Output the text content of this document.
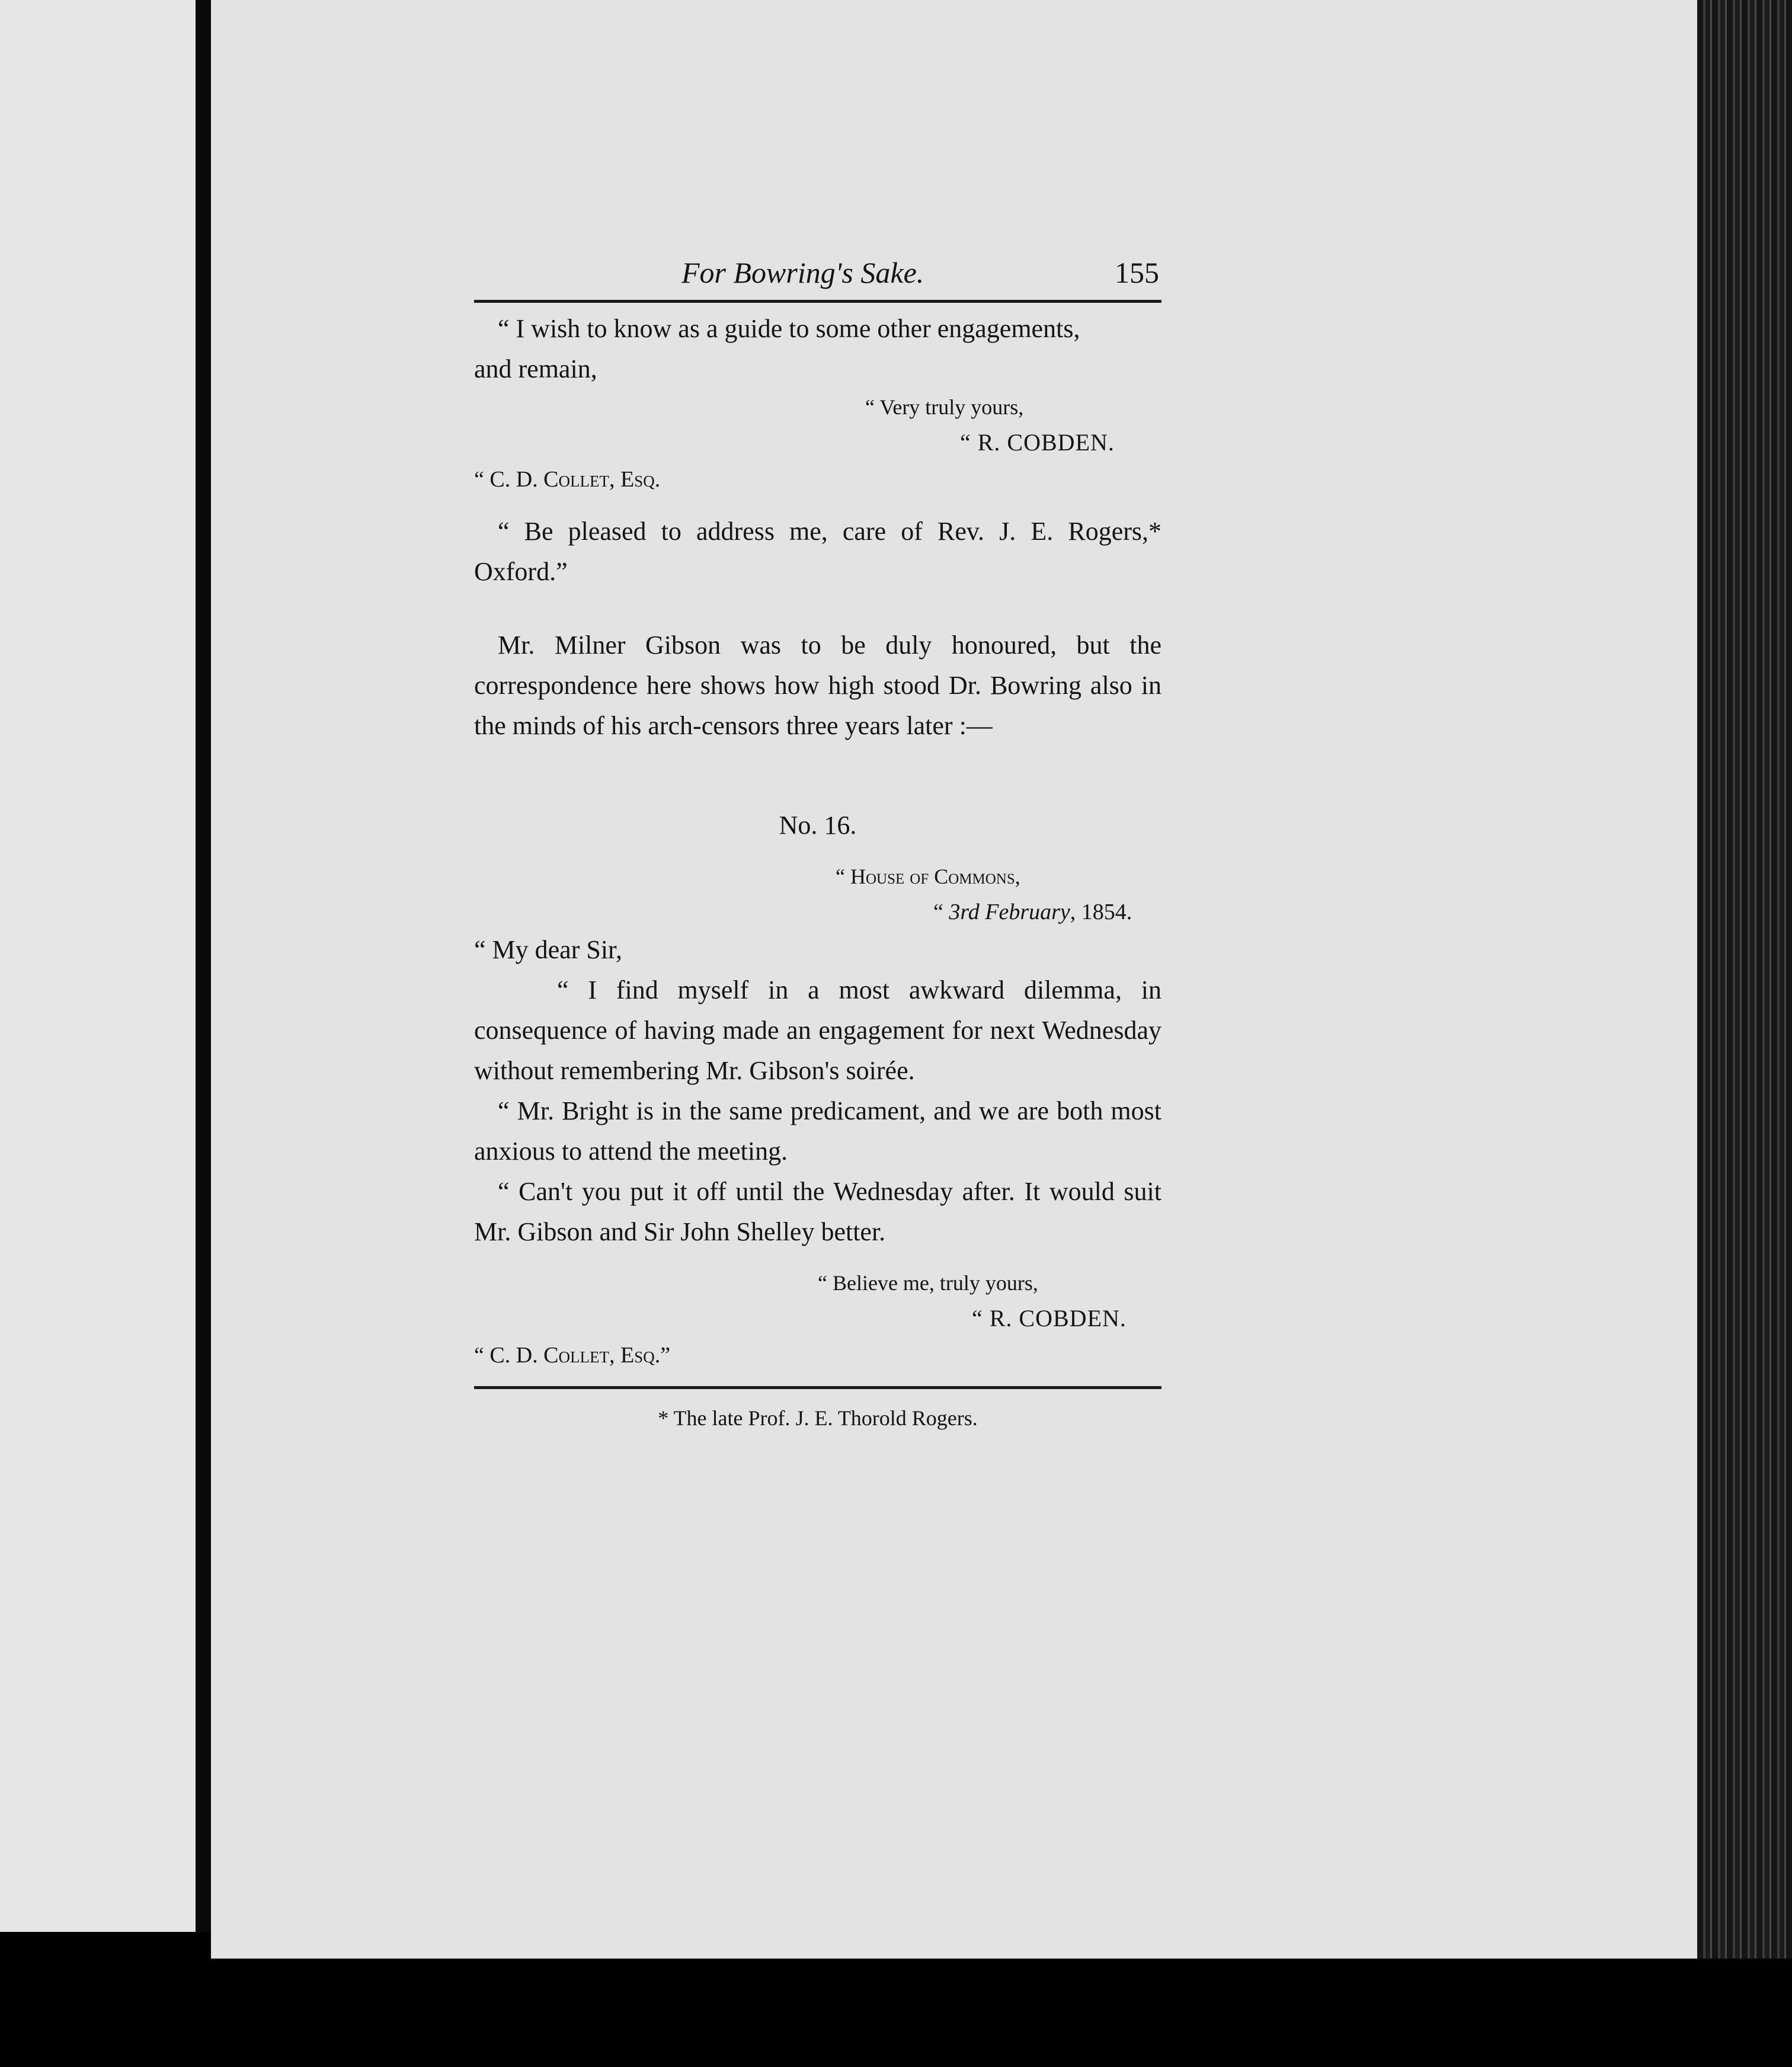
For Bowring's Sake.	155

“ I wish to know as a guide to some other engagements,

and remain,

“ Very truly yours,

“ R. COBDEN.

“ C. D. Collet, Esq.

“ Be pleased to address me, care of Rev. J. E. Rogers,* Oxford.”

Mr. Milner Gibson was to be duly honoured, but the correspondence here shows how high stood Dr. Bowring also in the minds of his arch-censors three years later :—

No. 16.

“ House of Commons,

“ 3rd February, 1854.

“ My dear Sir,

“ I find myself in a most awkward dilemma, in consequence of having made an engagement for next Wednesday without remembering Mr. Gibson's soirée.

“ Mr. Bright is in the same predicament, and we are both most anxious to attend the meeting.

“ Can't you put it off until the Wednesday after. It would suit Mr. Gibson and Sir John Shelley better.

“ Believe me, truly yours,

“ R. COBDEN.

“ C. D. Collet, Esq.”

* The late Prof. J. E. Thorold Rogers.
